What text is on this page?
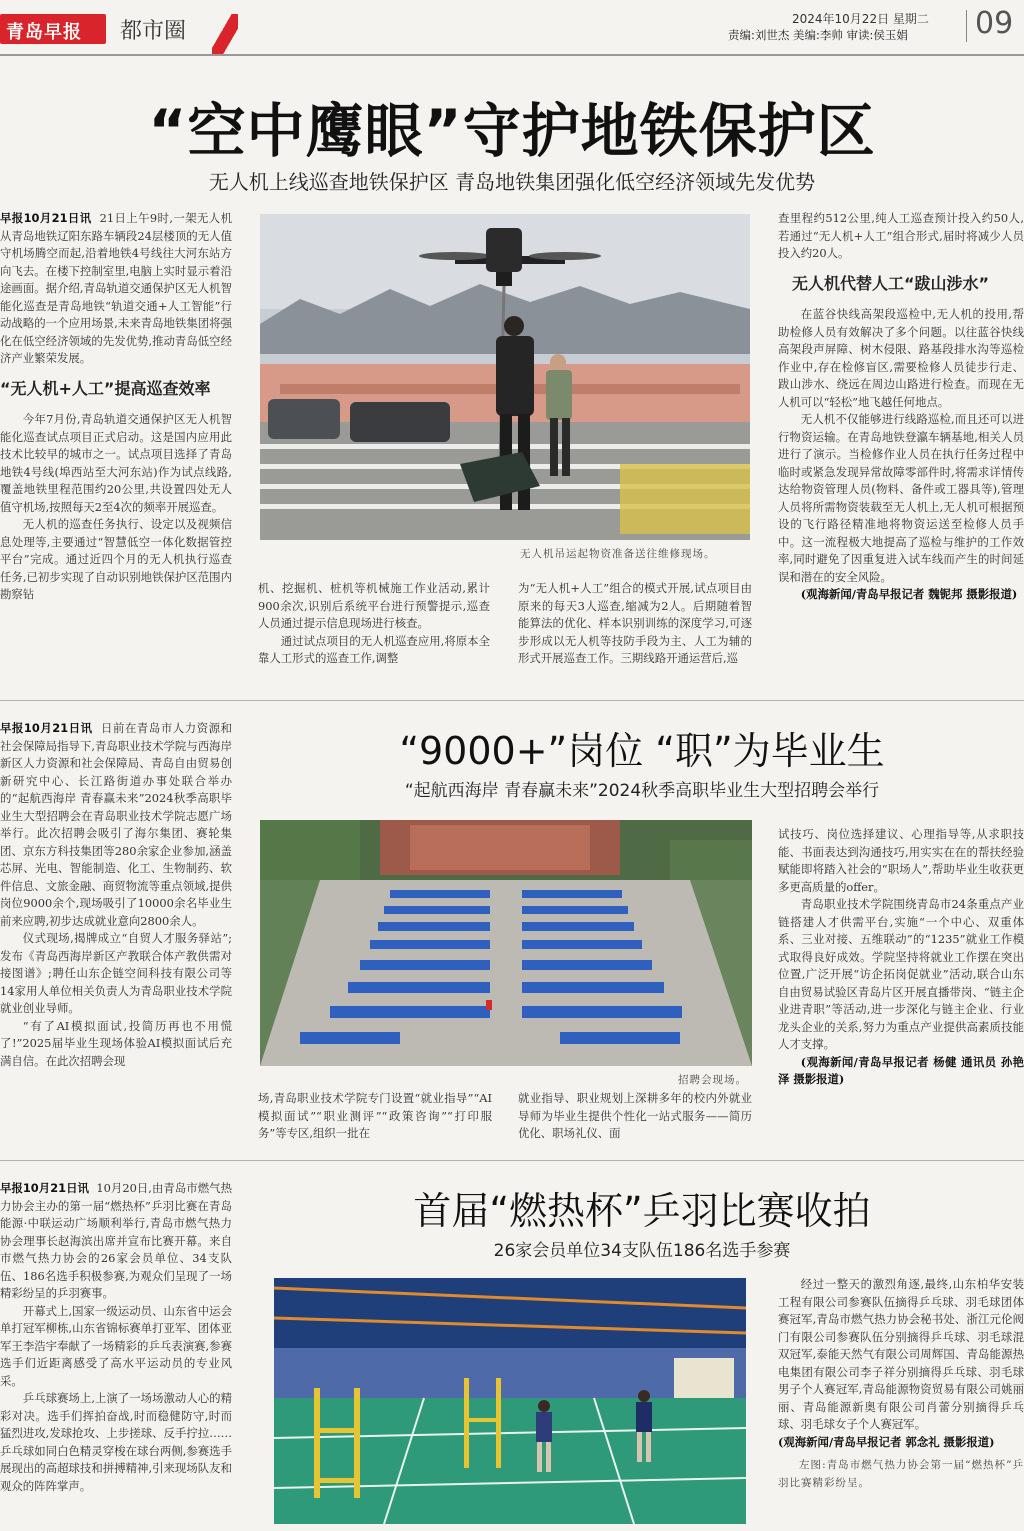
青岛早报 都市圈	2024年10月22日 星期二
责编:刘世杰 美编:李帅 审读:侯玉娟 09
“空中鹰眼”守护地铁保护区
无人机上线巡查地铁保护区 青岛地铁集团强化低空经济领域先发优势

早报10月21日讯 21日上午9时,一架无人机从青岛地铁辽阳东路车辆段24层楼顶的无人值守机场腾空而起,沿着地铁4号线往大河东站方向飞去。在楼下控制室里,电脑上实时显示着沿途画面。据介绍,青岛轨道交通保护区无人机智能化巡查是青岛地铁“轨道交通+人工智能”行动战略的一个应用场景,未来青岛地铁集团将强化在低空经济领域的先发优势,推动青岛低空经济产业繁荣发展。

“无人机+人工”提高巡查效率

今年7月份,青岛轨道交通保护区无人机智能化巡查试点项目正式启动。这是国内应用此技术比较早的城市之一。试点项目选择了青岛地铁4号线(埠西站至大河东站)作为试点线路,覆盖地铁里程范围约20公里,共设置四处无人值守机场,按照每天2至4次的频率开展巡查。

无人机的巡查任务执行、设定以及视频信息处理等,主要通过“智慧低空一体化数据管控平台”完成。通过近四个月的无人机执行巡查任务,已初步实现了自动识别地铁保护区范围内勘察钻

无人机吊运起物资准备送往维修现场。

机、挖掘机、桩机等机械施工作业活动,累计900余次,识别后系统平台进行预警提示,巡查人员通过提示信息现场进行核查。

通过试点项目的无人机巡查应用,将原本全靠人工形式的巡查工作,调整

为“无人机+人工”组合的模式开展,试点项目由原来的每天3人巡查,缩减为2人。后期随着智能算法的优化、样本识别训练的深度学习,可逐步形成以无人机等技防手段为主、人工为辅的形式开展巡查工作。三期线路开通运营后,巡

查里程约512公里,纯人工巡查预计投入约50人,若通过“无人机+人工”组合形式,届时将减少人员投入约20人。

无人机代替人工“跋山涉水”

在蓝谷快线高架段巡检中,无人机的投用,帮助检修人员有效解决了多个问题。以往蓝谷快线高架段声屏障、树木侵限、路基段排水沟等巡检作业中,存在检修盲区,需要检修人员徒步行走、跋山涉水、绕远在周边山路进行检查。而现在无人机可以“轻松”地飞越任何地点。

无人机不仅能够进行线路巡检,而且还可以进行物资运输。在青岛地铁登瀛车辆基地,相关人员进行了演示。当检修作业人员在执行任务过程中临时或紧急发现异常故障零部件时,将需求详情传达给物资管理人员(物料、备件或工器具等),管理人员将所需物资装载至无人机上,无人机可根据预设的飞行路径精准地将物资运送至检修人员手中。这一流程极大地提高了巡检与维护的工作效率,同时避免了因重复进入试车线而产生的时间延误和潜在的安全风险。

(观海新闻/青岛早报记者 魏铌邦 摄影报道)

早报10月21日讯 日前在青岛市人力资源和社会保障局指导下,青岛职业技术学院与西海岸新区人力资源和社会保障局、青岛自由贸易创新研究中心、长江路街道办事处联合举办的“起航西海岸 青春赢未来”2024秋季高职毕业生大型招聘会在青岛职业技术学院志愿广场举行。此次招聘会吸引了海尔集团、赛轮集团、京东方科技集团等280余家企业参加,涵盖芯屏、光电、智能制造、化工、生物制药、软件信息、文旅金融、商贸物流等重点领域,提供岗位9000余个,现场吸引了10000余名毕业生前来应聘,初步达成就业意向2800余人。

仪式现场,揭牌成立“自贸人才服务驿站”;发布《青岛西海岸新区产教联合体产教供需对接图谱》;聘任山东企链空间科技有限公司等14家用人单位相关负责人为青岛职业技术学院就业创业导师。

“有了AI模拟面试,投简历再也不用慌了!”2025届毕业生现场体验AI模拟面试后充满自信。在此次招聘会现

“9000+”岗位 “职”为毕业生
“起航西海岸 青春赢未来”2024秋季高职毕业生大型招聘会举行
招聘会现场。

场,青岛职业技术学院专门设置“就业指导”“AI模拟面试”“职业测评”“政策咨询”“打印服务”等专区,组织一批在

就业指导、职业规划上深耕多年的校内外就业导师为毕业生提供个性化一站式服务——简历优化、职场礼仪、面

试技巧、岗位选择建议、心理指导等,从求职技能、书面表达到沟通技巧,用实实在在的帮扶经验赋能即将踏入社会的“职场人”,帮助毕业生收获更多更高质量的offer。

青岛职业技术学院围绕青岛市24条重点产业链搭建人才供需平台,实施“一个中心、双重体系、三业对接、五维联动”的“1235”就业工作模式取得良好成效。学院坚持将就业工作摆在突出位置,广泛开展“访企拓岗促就业”活动,联合山东自由贸易试验区青岛片区开展直播带岗、“链主企业进青职”等活动,进一步深化与链主企业、行业龙头企业的关系,努力为重点产业提供高素质技能人才支撑。

(观海新闻/青岛早报记者 杨健 通讯员 孙艳泽 摄影报道)

早报10月21日讯 10月20日,由青岛市燃气热力协会主办的第一届“燃热杯”乒羽比赛在青岛能源·中联运动广场顺利举行,青岛市燃气热力协会理事长赵海滨出席并宣布比赛开幕。来自市燃气热力协会的26家会员单位、34支队伍、186名选手积极参赛,为观众们呈现了一场精彩纷呈的乒羽赛事。

开幕式上,国家一级运动员、山东省中运会单打冠军柳栋,山东省锦标赛单打亚军、团体亚军王李浩宇奉献了一场精彩的乒乓表演赛,参赛选手们近距离感受了高水平运动员的专业风采。

乒乓球赛场上,上演了一场场激动人心的精彩对决。选手们挥拍奋战,时而稳健防守,时而猛烈进攻,发球抢攻、上步搓球、反手拧拉……乒乓球如同白色精灵穿梭在球台两侧,参赛选手展现出的高超球技和拼搏精神,引来现场队友和观众的阵阵掌声。

首届“燃热杯”乒羽比赛收拍
26家会员单位34支队伍186名选手参赛

经过一整天的激烈角逐,最终,山东柏华安装工程有限公司参赛队伍摘得乒乓球、羽毛球团体赛冠军,青岛市燃气热力协会秘书处、浙江元伦阀门有限公司参赛队伍分别摘得乒乓球、羽毛球混双冠军,泰能天然气有限公司周辉国、青岛能源热电集团有限公司李子祥分别摘得乒乓球、羽毛球男子个人赛冠军,青岛能源物资贸易有限公司姚丽丽、青岛能源新奥有限公司肖蕾分别摘得乒乓球、羽毛球女子个人赛冠军。

(观海新闻/青岛早报记者 郭念礼 摄影报道)

左图:青岛市燃气热力协会第一届“燃热杯”乒羽比赛精彩纷呈。
